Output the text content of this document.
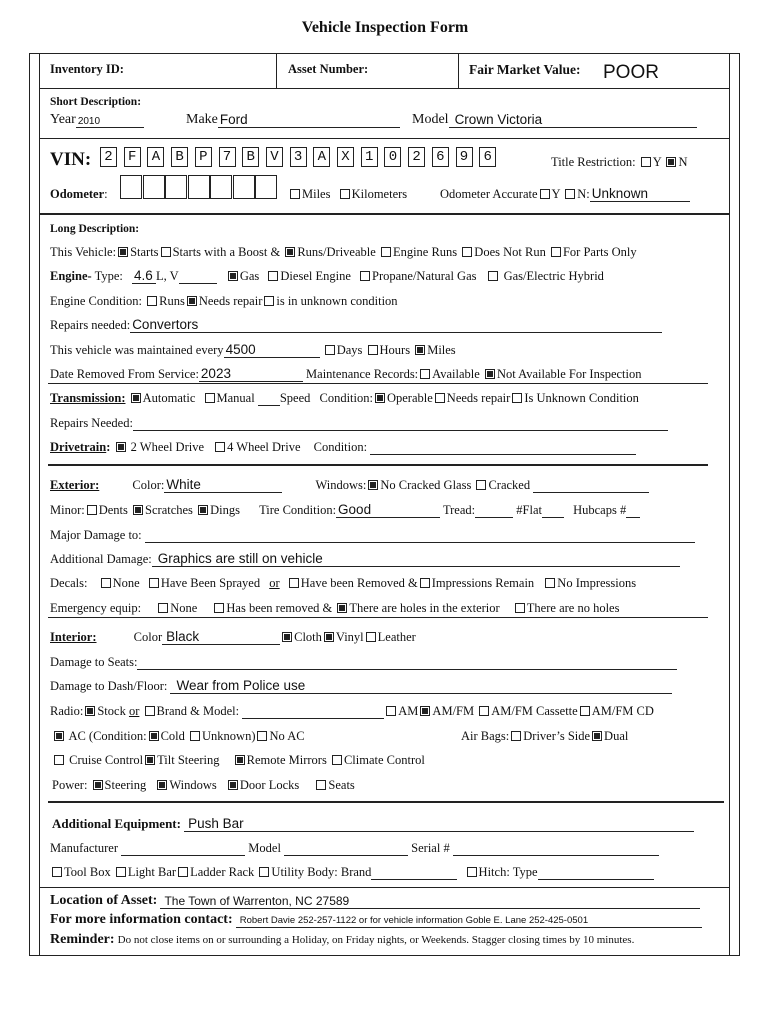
Vehicle Inspection Form
Inventory ID:	Asset Number:	Fair Market Value: POOR
Short Description:
Year 2010	Make Ford	Model Crown Victoria
VIN: 2	F	A	B	P	7	B	V	3	A	X	1	0	2	6	9	6	Title Restriction: Y N
Odometer:	Miles Kilometers	Odometer Accurate Y N: Unknown
Long Description:
This Vehicle: Starts Starts with a Boost & Runs/Driveable Engine Runs Does Not Run For Parts Only
Engine- Type: 4.6 L, V	Gas Diesel Engine Propane/Natural Gas Gas/Electric Hybrid
Engine Condition: Runs Needs repair is in unknown condition
Repairs needed: Convertors
This vehicle was maintained every 4500	Days Hours Miles
Date Removed From Service: 2023	Maintenance Records: Available Not Available For Inspection
Transmission: Automatic Manual Speed Condition: Operable Needs repair Is Unknown Condition
Repairs Needed:
Drivetrain: 2 Wheel Drive 4 Wheel Drive Condition:
Exterior:	Color: White	Windows: No Cracked Glass Cracked
Minor: Dents Scratches Dings Tire Condition: Good	Tread:	#Flat Hubcaps #
Major Damage to:
Additional Damage: Graphics are still on vehicle
Decals: None Have Been Sprayed or Have been Removed & Impressions Remain No Impressions
Emergency equip: None Has been removed & There are holes in the exterior There are no holes
Interior:	Color Black	Cloth Vinyl Leather
Damage to Seats:
Damage to Dash/Floor: Wear from Police use
Radio: Stock or Brand & Model:	AM AM/FM AM/FM Cassette AM/FM CD
AC (Condition: Cold Unknown) No AC	Air Bags: Driver’s Side Dual
Cruise Control Tilt Steering Remote Mirrors Climate Control
Power: Steering Windows Door Locks Seats
Additional Equipment: Push Bar
Manufacturer	Model	Serial #
Tool Box Light Bar Ladder Rack Utility Body: Brand	Hitch: Type
Location of Asset: The Town of Warrenton, NC 27589
For more information contact: Robert Davie 252-257-1122 or for vehicle information Goble E. Lane 252-425-0501
Reminder: Do not close items on or surrounding a Holiday, on Friday nights, or Weekends. Stagger closing times by 10 minutes.
